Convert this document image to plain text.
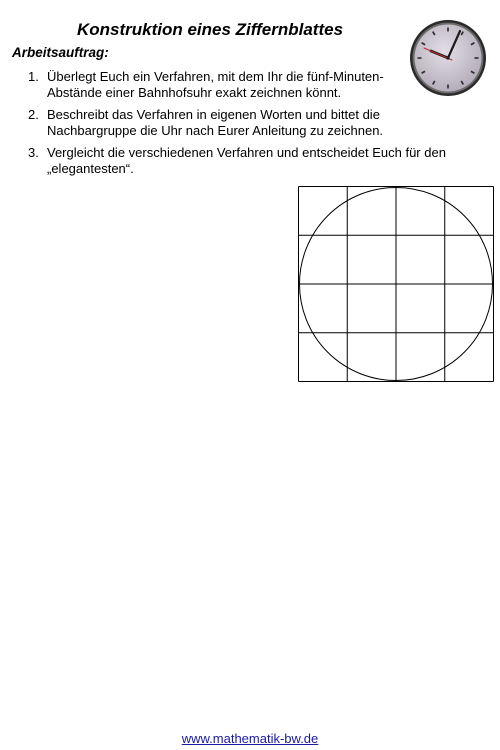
Konstruktion eines Ziffernblattes
Arbeitsauftrag:
1. Überlegt Euch ein Verfahren, mit dem Ihr die fünf-Minuten-Abstände einer Bahnhofsuhr exakt zeichnen könnt.
2. Beschreibt das Verfahren in eigenen Worten und bittet die Nachbargruppe die Uhr nach Eurer Anleitung zu zeichnen.
3. Vergleicht die verschiedenen Verfahren und entscheidet Euch für den „elegantesten“.
www.mathematik-bw.de
